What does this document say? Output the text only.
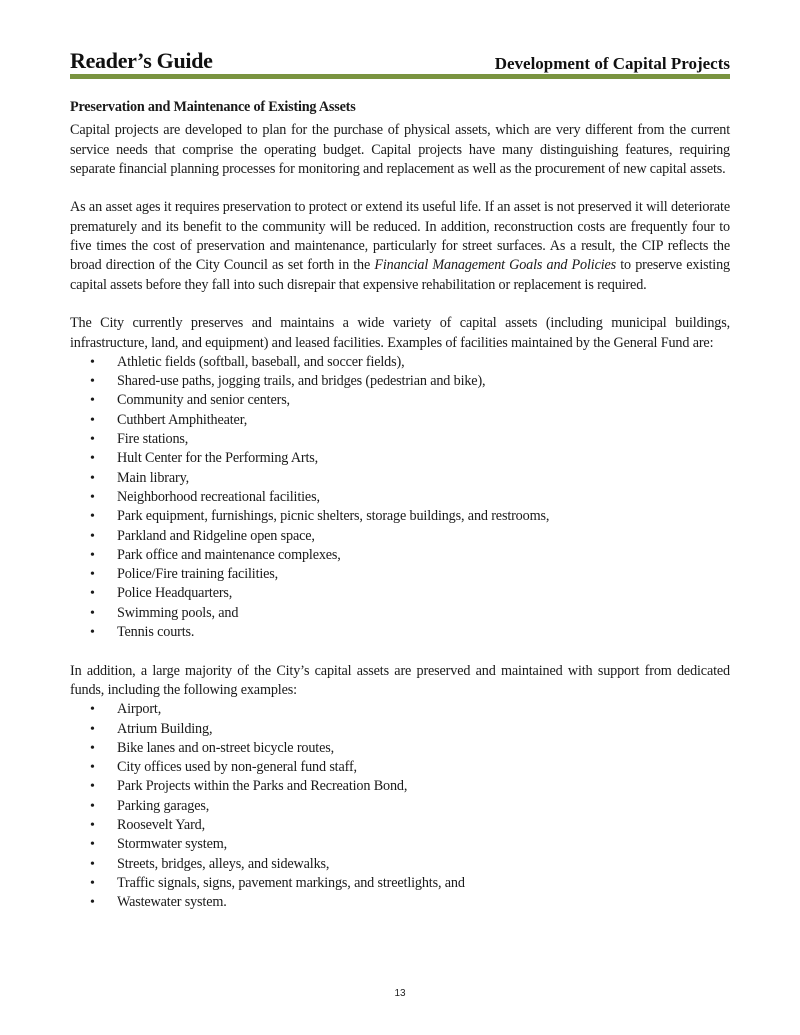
Reader’s Guide	Development of Capital Projects
Preservation and Maintenance of Existing Assets

Capital projects are developed to plan for the purchase of physical assets, which are very different from the current service needs that comprise the operating budget. Capital projects have many distinguishing features, requiring separate financial planning processes for monitoring and replacement as well as the procurement of new capital assets.

As an asset ages it requires preservation to protect or extend its useful life. If an asset is not preserved it will deteriorate prematurely and its benefit to the community will be reduced. In addition, reconstruction costs are frequently four to five times the cost of preservation and maintenance, particularly for street surfaces. As a result, the CIP reflects the broad direction of the City Council as set forth in the Financial Management Goals and Policies to preserve existing capital assets before they fall into such disrepair that expensive rehabilitation or replacement is required.

The City currently preserves and maintains a wide variety of capital assets (including municipal buildings, infrastructure, land, and equipment) and leased facilities. Examples of facilities maintained by the General Fund are:

• Athletic fields (softball, baseball, and soccer fields),
• Shared-use paths, jogging trails, and bridges (pedestrian and bike),
• Community and senior centers,
• Cuthbert Amphitheater,
• Fire stations,
• Hult Center for the Performing Arts,
• Main library,
• Neighborhood recreational facilities,
• Park equipment, furnishings, picnic shelters, storage buildings, and restrooms,
• Parkland and Ridgeline open space,
• Park office and maintenance complexes,
• Police/Fire training facilities,
• Police Headquarters,
• Swimming pools, and
• Tennis courts.

In addition, a large majority of the City’s capital assets are preserved and maintained with support from dedicated funds, including the following examples:

• Airport,
• Atrium Building,
• Bike lanes and on-street bicycle routes,
• City offices used by non-general fund staff,
• Park Projects within the Parks and Recreation Bond,
• Parking garages,
• Roosevelt Yard,
• Stormwater system,
• Streets, bridges, alleys, and sidewalks,
• Traffic signals, signs, pavement markings, and streetlights, and
• Wastewater system.
13
